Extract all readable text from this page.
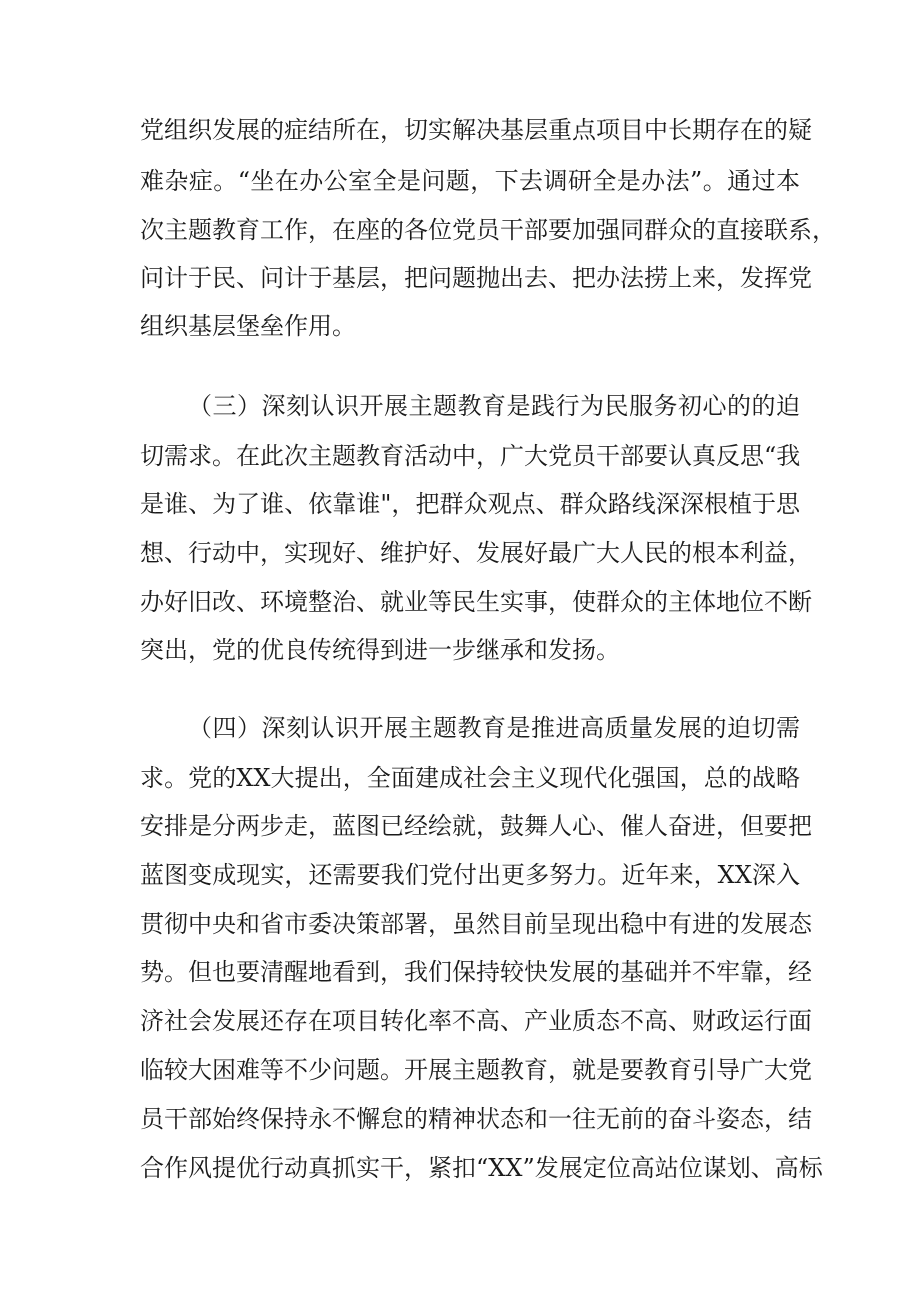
党组织发展的症结所在，切实解决基层重点项目中长期存在的疑
难杂症。“坐在办公室全是问题，下去调研全是办法”。通过本
次主题教育工作，在座的各位党员干部要加强同群众的直接联系，
问计于民、问计于基层，把问题抛出去、把办法捞上来，发挥党
组织基层堡垒作用。
（三）深刻认识开展主题教育是践行为民服务初心的的迫
切需求。在此次主题教育活动中，广大党员干部要认真反思“我
是谁、为了谁、依靠谁"，把群众观点、群众路线深深根植于思
想、行动中，实现好、维护好、发展好最广大人民的根本利益，
办好旧改、环境整治、就业等民生实事，使群众的主体地位不断
突出，党的优良传统得到进一步继承和发扬。
（四）深刻认识开展主题教育是推进高质量发展的迫切需
求。党的XX大提出，全面建成社会主义现代化强国，总的战略
安排是分两步走，蓝图已经绘就，鼓舞人心、催人奋进，但要把
蓝图变成现实，还需要我们党付出更多努力。近年来，XX深入
贯彻中央和省市委决策部署，虽然目前呈现出稳中有进的发展态
势。但也要清醒地看到，我们保持较快发展的基础并不牢靠，经
济社会发展还存在项目转化率不高、产业质态不高、财政运行面
临较大困难等不少问题。开展主题教育，就是要教育引导广大党
员干部始终保持永不懈怠的精神状态和一往无前的奋斗姿态，结
合作风提优行动真抓实干，紧扣“XX”发展定位高站位谋划、高标
